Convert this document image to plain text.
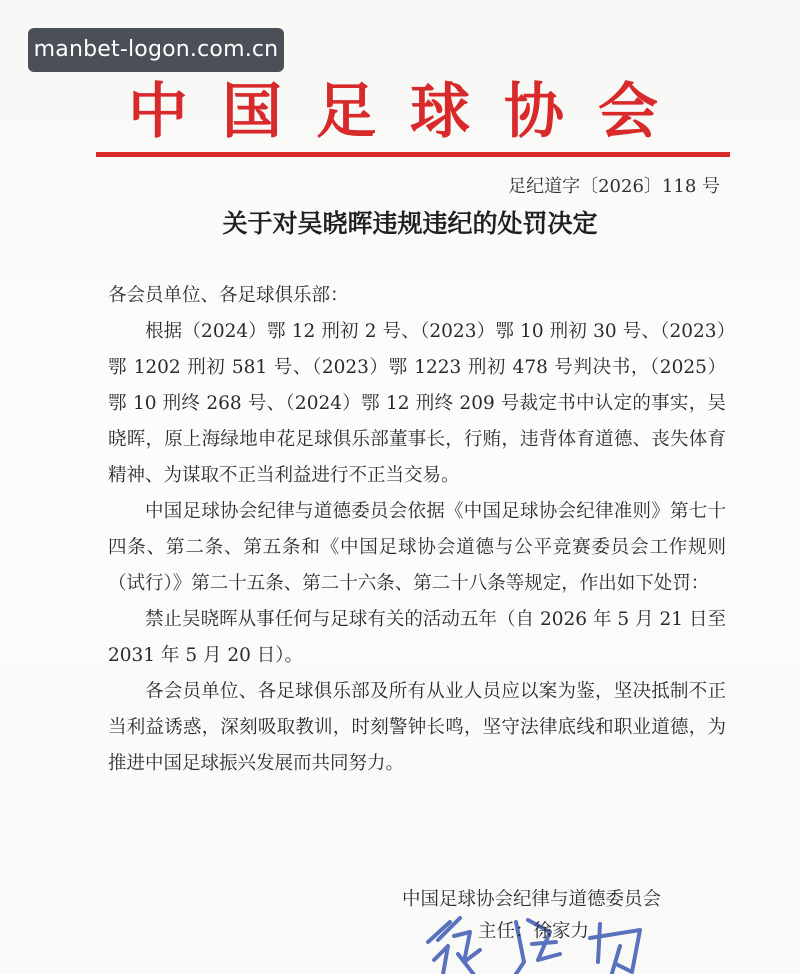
manbet-logon.com.cn
中国足球协会
足纪道字〔2026〕118 号
关于对吴晓晖违规违纪的处罚决定

各会员单位、各足球俱乐部：

根据（2024）鄂 12 刑初 2 号、（2023）鄂 10 刑初 30 号、（2023）鄂 1202 刑初 581 号、（2023）鄂 1223 刑初 478 号判决书，（2025）鄂 10 刑终 268 号、（2024）鄂 12 刑终 209 号裁定书中认定的事实，吴晓晖，原上海绿地申花足球俱乐部董事长，行贿，违背体育道德、丧失体育精神、为谋取不正当利益进行不正当交易。

中国足球协会纪律与道德委员会依据《中国足球协会纪律准则》第七十四条、第二条、第五条和《中国足球协会道德与公平竞赛委员会工作规则（试行）》第二十五条、第二十六条、第二十八条等规定，作出如下处罚：

禁止吴晓晖从事任何与足球有关的活动五年（自 2026 年 5 月 21 日至 2031 年 5 月 20 日）。

各会员单位、各足球俱乐部及所有从业人员应以案为鉴，坚决抵制不正当利益诱惑，深刻吸取教训，时刻警钟长鸣，坚守法律底线和职业道德，为推进中国足球振兴发展而共同努力。

中国足球协会纪律与道德委员会
主任：徐家力
